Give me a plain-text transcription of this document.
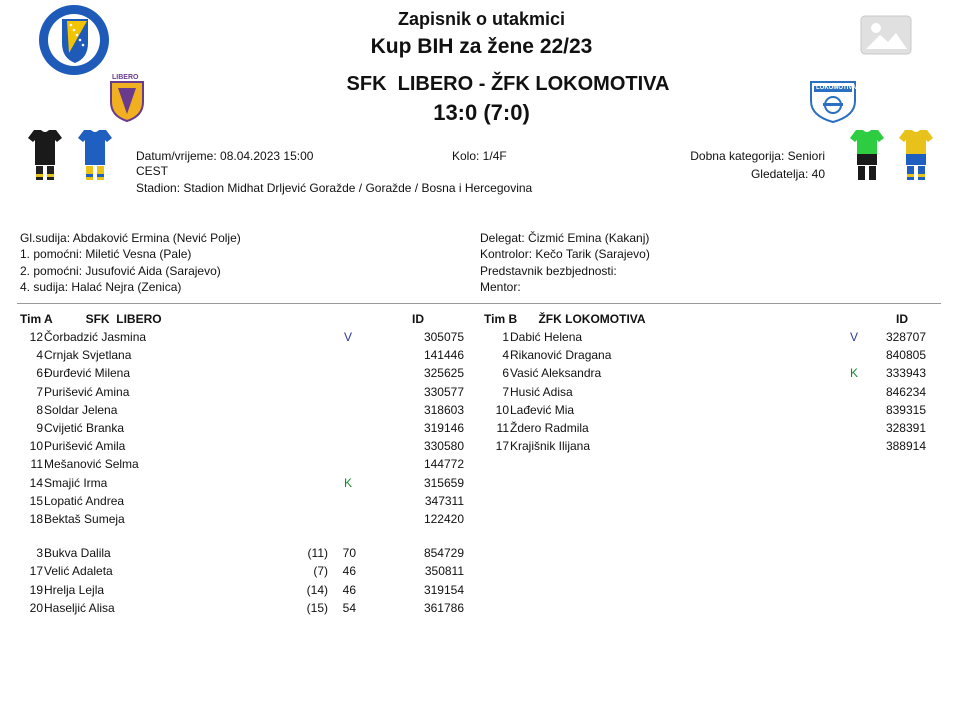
Zapisnik o utakmici
Kup BIH za žene 22/23
SFK  LIBERO - ŽFK LOKOMOTIVA
13:0 (7:0)
LIBERO
LOKOMOTIVA
Datum/vrijeme: 08.04.2023 15:00
CEST
Stadion: Stadion Midhat Drljević Goražde / Goražde / Bosna i Hercegovina
Kolo: 1/4F	Dobna kategorija: Seniori
Gledatelja: 40
Gl.sudija: Abdaković Ermina (Nević Polje)
1. pomoćni: Miletić Vesna (Pale)
2. pomoćni: Jusufović Aida (Sarajevo)
4. sudija: Halać Nejra (Zenica)
Delegat: Čizmić Emina (Kakanj)
Kontrolor: Kečo Tarik (Sarajevo)
Predstavnik bezbjednosti:
Mentor:
Tim A SFK  LIBERO					ID
12	Čorbadzić Jasmina	V			305075
4	Crnjak Svjetlana				141446
6	Đurđević Milena				325625
7	Purišević Amina				330577
8	Soldar Jelena				318603
9	Cvijetić Branka				319146
10	Purišević Amila				330580
11	Mešanović Selma				144772
14	Smajić Irma	K			315659
15	Lopatić Andrea				347311
18	Bektaš Sumeja				122420

3	Bukva Dalila	(11)	70		854729
17	Velić Adaleta	(7)	46		350811
19	Hrelja Lejla	(14)	46		319154
20	Haseljić Alisa	(15)	54		361786
Tim B ŽFK LOKOMOTIVA			ID
1	Dabić Helena	V	328707
4	Rikanović Dragana		840805
6	Vasić Aleksandra	K	333943
7	Husić Adisa		846234
10	Lađević Mia		839315
11	Ždero Radmila		328391
17	Krajišnik Ilijana		388914
